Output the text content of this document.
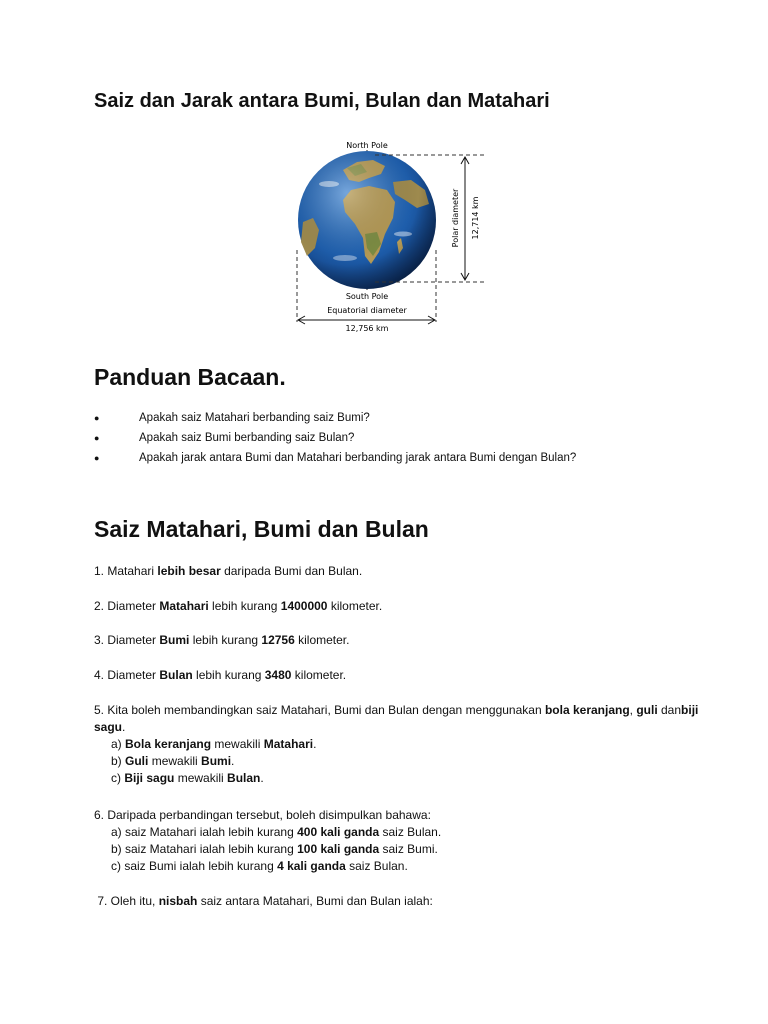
Saiz dan Jarak antara Bumi, Bulan dan Matahari
North Pole
South Pole
Polar diameter 12,714 km
Equatorial diameter
12,756 km
Panduan Bacaan.
●	Apakah saiz Matahari berbanding saiz Bumi?
●	Apakah saiz Bumi berbanding saiz Bulan?
●	Apakah jarak antara Bumi dan Matahari berbanding jarak antara Bumi dengan Bulan?
Saiz Matahari, Bumi dan Bulan

1. Matahari lebih besar daripada Bumi dan Bulan.

2. Diameter Matahari lebih kurang 1400000 kilometer.

3. Diameter Bumi lebih kurang 12756 kilometer.

4. Diameter Bulan lebih kurang 3480 kilometer.

5. Kita boleh membandingkan saiz Matahari, Bumi dan Bulan dengan menggunakan bola keranjang, guli danbiji sagu.
a) Bola keranjang mewakili Matahari.
b) Guli mewakili Bumi.
c) Biji sagu mewakili Bulan.
6. Daripada perbandingan tersebut, boleh disimpulkan bahawa:
a) saiz Matahari ialah lebih kurang 400 kali ganda saiz Bulan.
b) saiz Matahari ialah lebih kurang 100 kali ganda saiz Bumi.
c) saiz Bumi ialah lebih kurang 4 kali ganda saiz Bulan.

7. Oleh itu, nisbah saiz antara Matahari, Bumi dan Bulan ialah:
